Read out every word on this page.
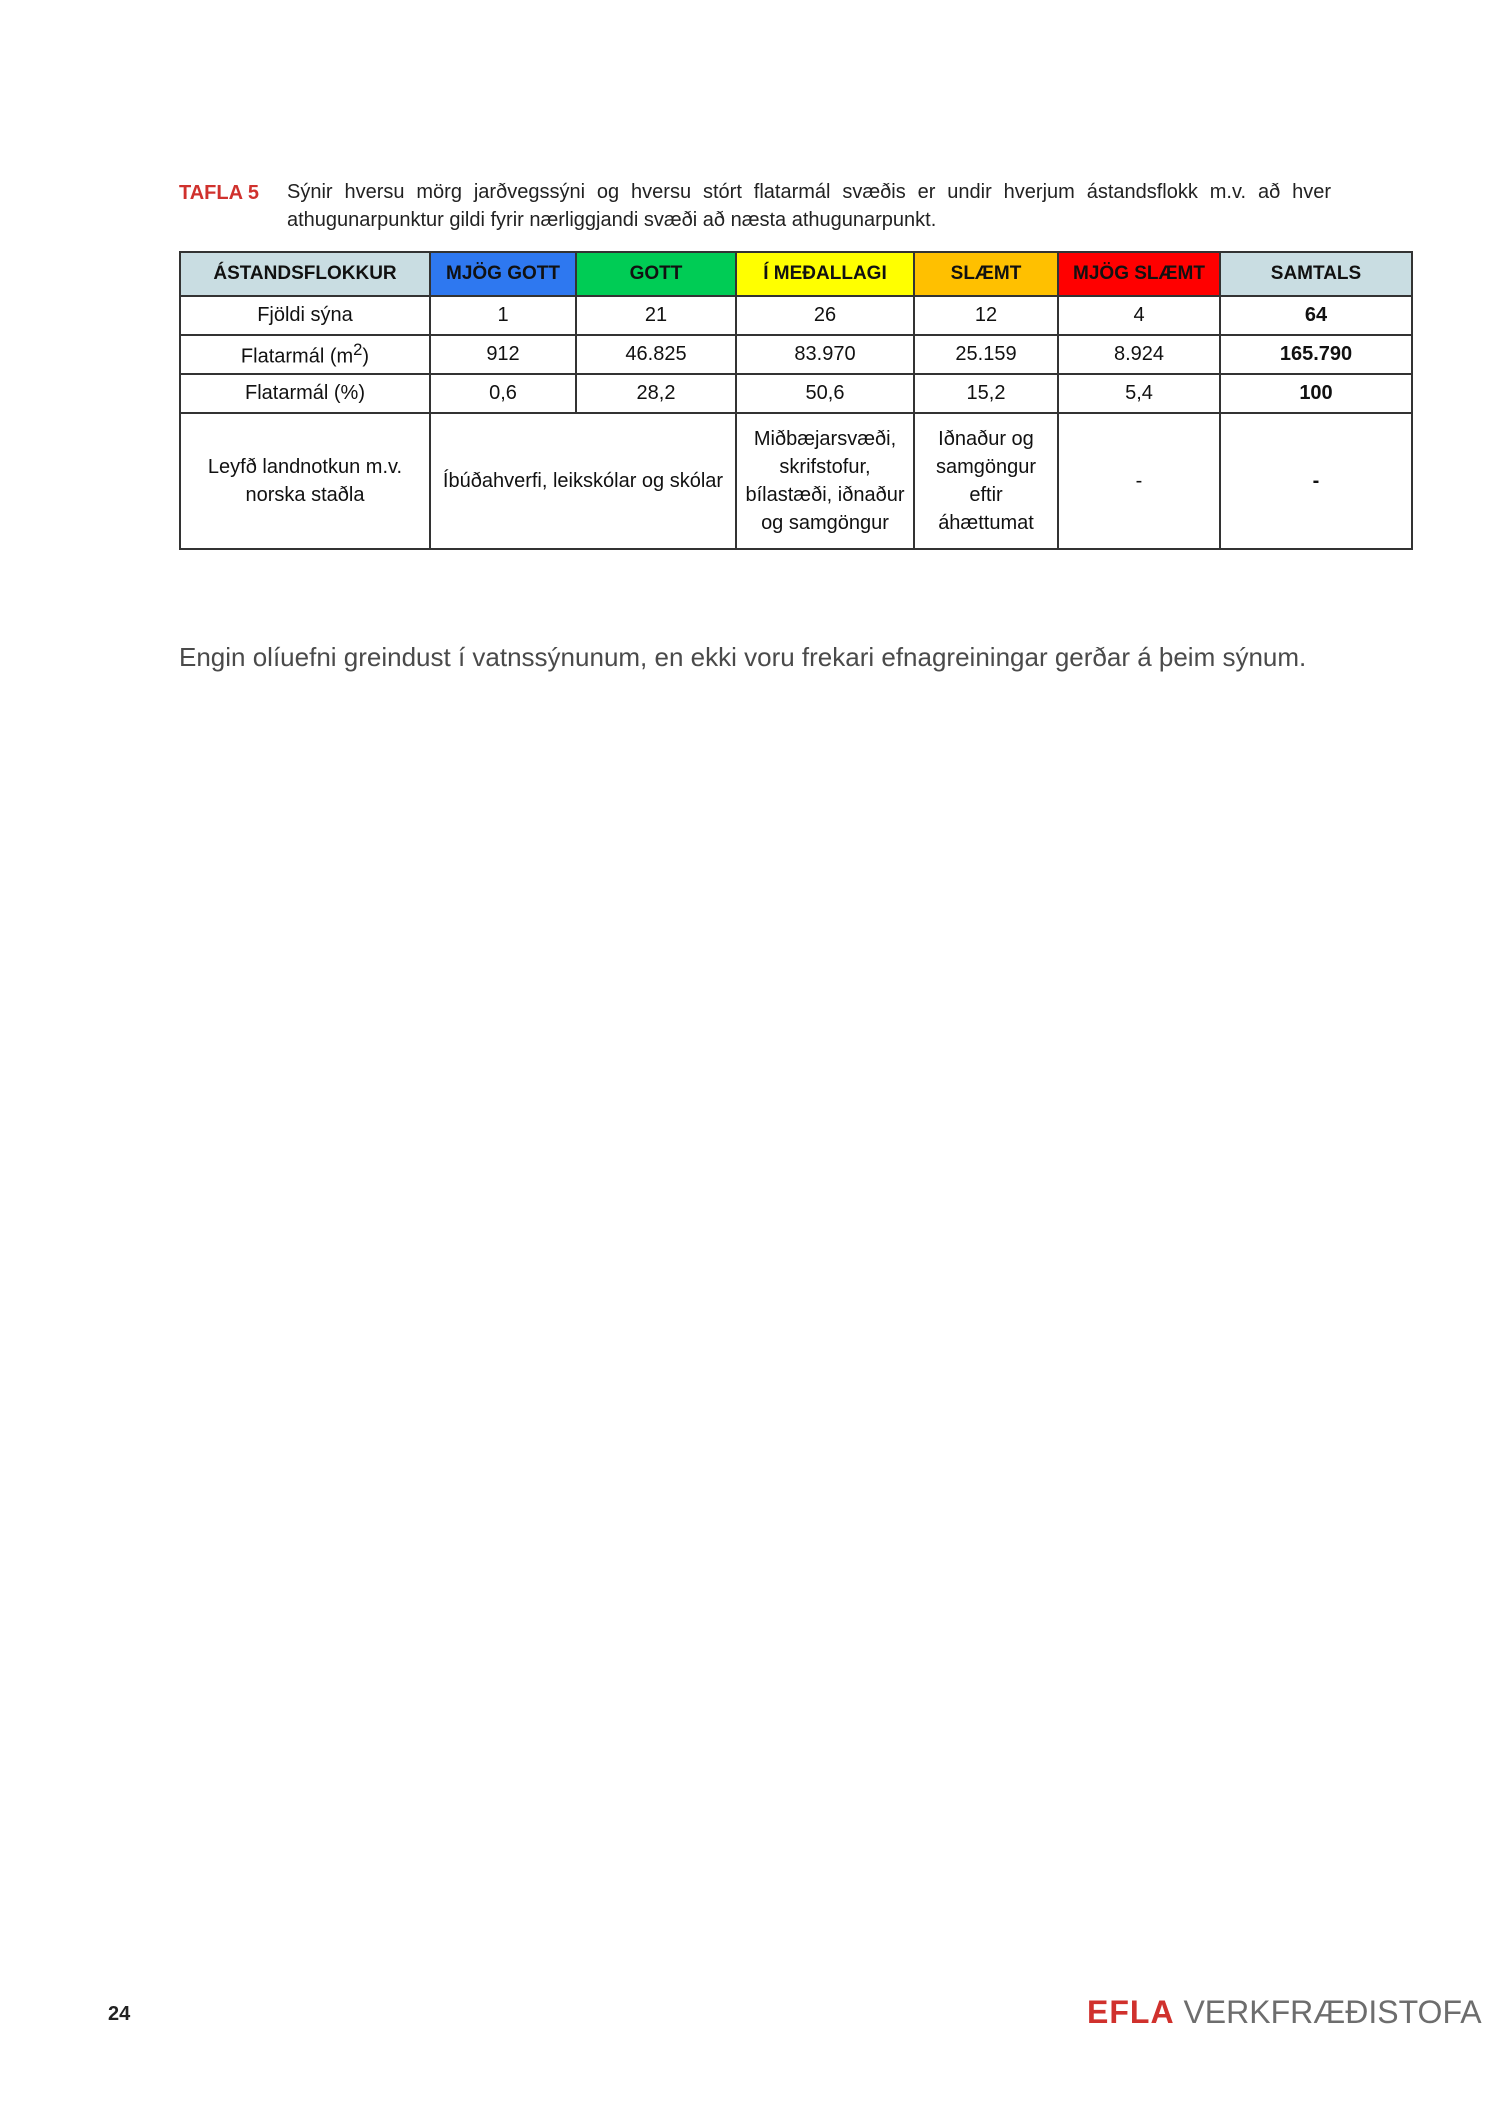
TAFLA 5 Sýnir hversu mörg jarðvegssýni og hversu stórt flatarmál svæðis er undir hverjum ástandsflokk m.v. að hver athugunarpunktur gildi fyrir nærliggjandi svæði að næsta athugunarpunkt.
ÁSTANDSFLOKKUR	MJÖG GOTT	GOTT	Í MEÐALLAGI	SLÆMT	MJÖG SLÆMT	SAMTALS
Fjöldi sýna	1	21	26	12	4	64
Flatarmál $(m^2)$	912	46.825	83.970	25.159	8.924	165.790
Flatarmál (%)	0,6	28,2	50,6	15,2	5,4	100
Leyfð landnotkun m.v. norska staðla	Íbúðahverfi, leikskólar og skólar		Miðbæjarsvæði, skrifstofur, bílastæði, iðnaður og samgöngur	Iðnaður og samgöngur eftir áhættumat	-	-
Engin olíuefni greindust í vatnssýnunum, en ekki voru frekari efnagreiningar gerðar á þeim sýnum.
24	EFLA VERKFRÆÐISTOFA
